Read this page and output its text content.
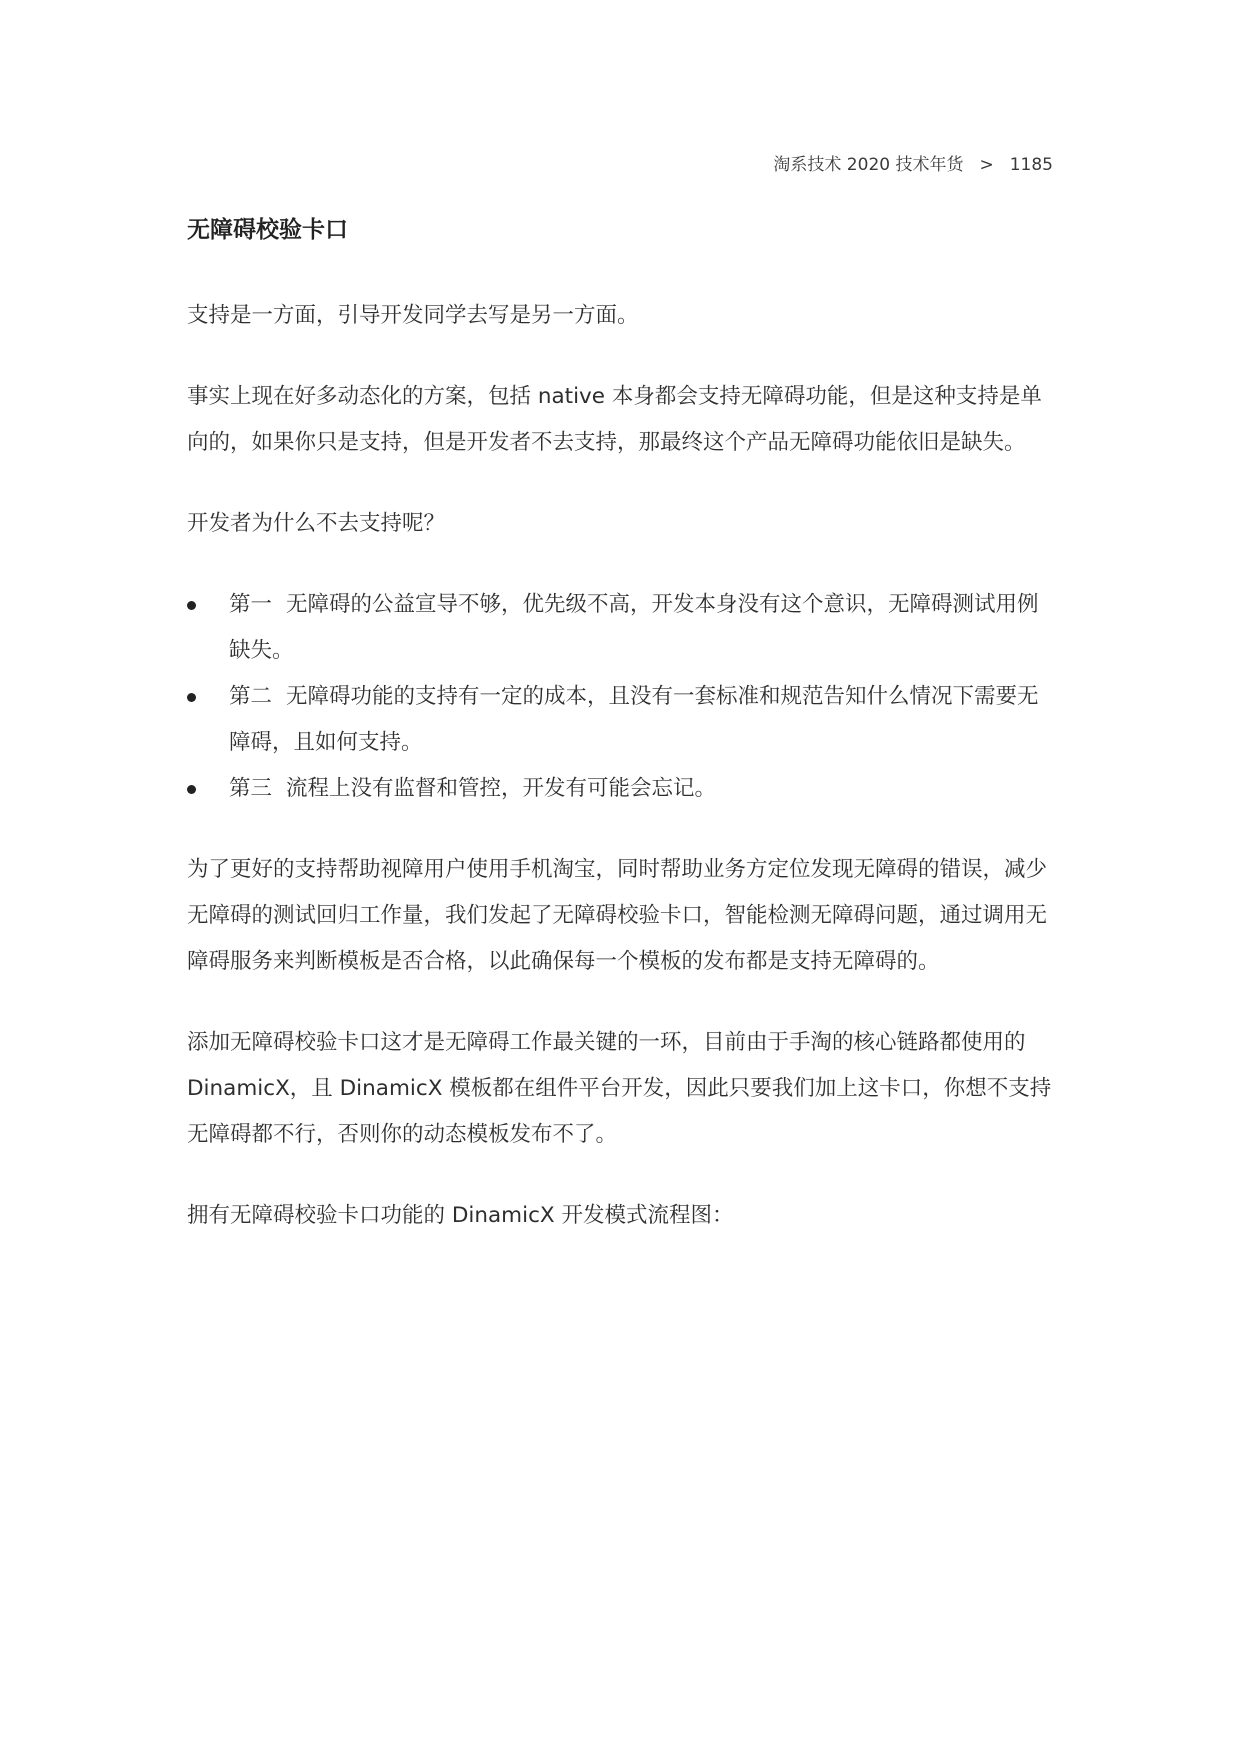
淘系技术 2020 技术年货 > 1185
无障碍校验卡口

支持是一方面，引导开发同学去写是另一方面。

事实上现在好多动态化的方案，包括 native 本身都会支持无障碍功能，但是这种支持是单向的，如果你只是支持，但是开发者不去支持，那最终这个产品无障碍功能依旧是缺失。

开发者为什么不去支持呢？

第一 无障碍的公益宣导不够，优先级不高，开发本身没有这个意识，无障碍测试用例缺失。
第二 无障碍功能的支持有一定的成本，且没有一套标准和规范告知什么情况下需要无障碍，且如何支持。
第三 流程上没有监督和管控，开发有可能会忘记。

为了更好的支持帮助视障用户使用手机淘宝，同时帮助业务方定位发现无障碍的错误，减少无障碍的测试回归工作量，我们发起了无障碍校验卡口，智能检测无障碍问题，通过调用无障碍服务来判断模板是否合格，以此确保每一个模板的发布都是支持无障碍的。

添加无障碍校验卡口这才是无障碍工作最关键的一环，目前由于手淘的核心链路都使用的 DinamicX，且 DinamicX 模板都在组件平台开发，因此只要我们加上这卡口，你想不支持无障碍都不行，否则你的动态模板发布不了。

拥有无障碍校验卡口功能的 DinamicX 开发模式流程图：
